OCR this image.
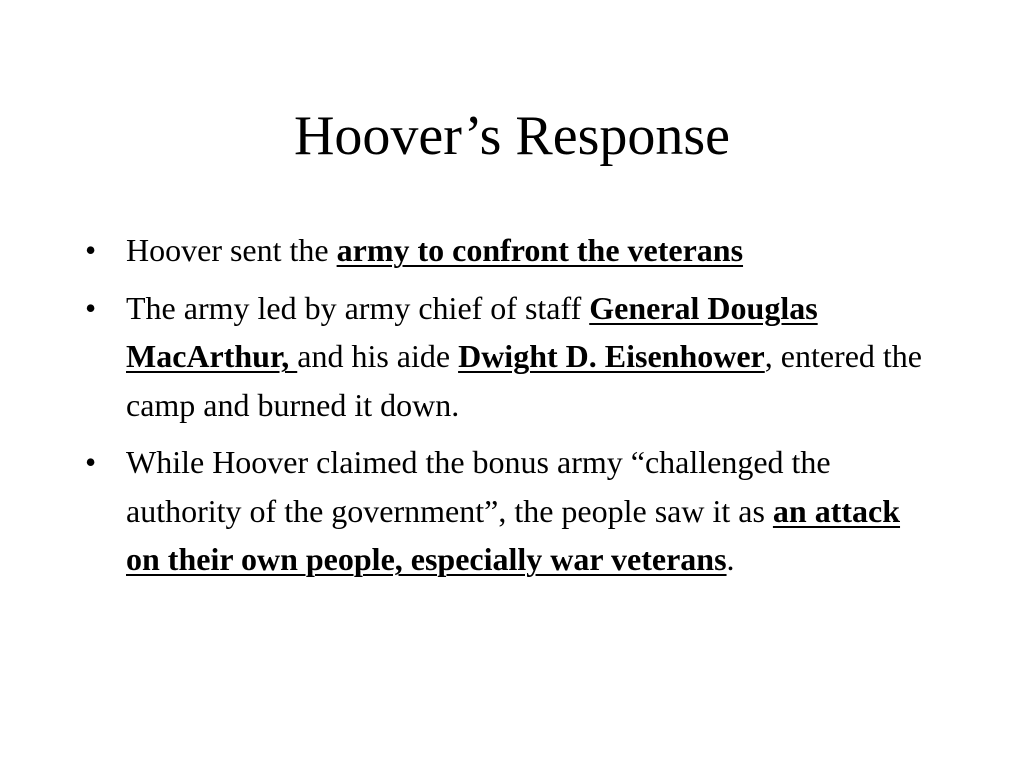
Hoover’s Response
• Hoover sent the army to confront the veterans
• The army led by army chief of staff General Douglas MacArthur, and his aide Dwight D. Eisenhower, entered the camp and burned it down.
• While Hoover claimed the bonus army “challenged the authority of the government”, the people saw it as an attack on their own people, especially war veterans.
